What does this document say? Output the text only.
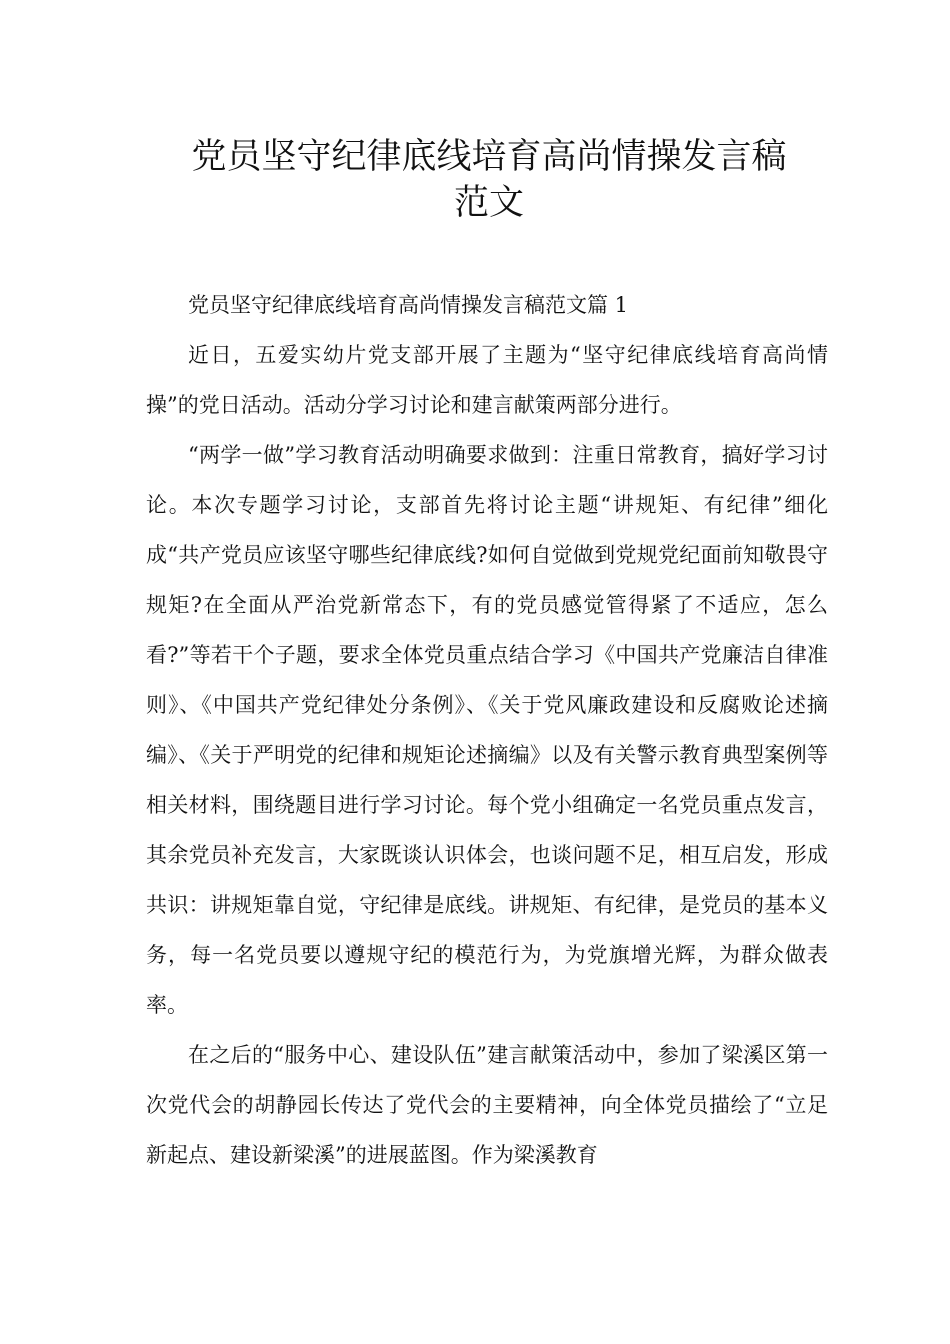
党员坚守纪律底线培育高尚情操发言稿
范文

党员坚守纪律底线培育高尚情操发言稿范文篇 1

近日，五爱实幼片党支部开展了主题为“坚守纪律底线培育高尚情操”的党日活动。活动分学习讨论和建言献策两部分进行。

“两学一做”学习教育活动明确要求做到：注重日常教育，搞好学习讨论。本次专题学习讨论，支部首先将讨论主题“讲规矩、有纪律”细化成“共产党员应该坚守哪些纪律底线?如何自觉做到党规党纪面前知敬畏守规矩?在全面从严治党新常态下，有的党员感觉管得紧了不适应，怎么看?”等若干个子题，要求全体党员重点结合学习《中国共产党廉洁自律准则》、《中国共产党纪律处分条例》、《关于党风廉政建设和反腐败论述摘编》、《关于严明党的纪律和规矩论述摘编》以及有关警示教育典型案例等相关材料，围绕题目进行学习讨论。每个党小组确定一名党员重点发言，其余党员补充发言，大家既谈认识体会，也谈问题不足，相互启发，形成共识：讲规矩靠自觉，守纪律是底线。讲规矩、有纪律，是党员的基本义务，每一名党员要以遵规守纪的模范行为，为党旗增光辉，为群众做表率。

在之后的“服务中心、建设队伍”建言献策活动中，参加了梁溪区第一次党代会的胡静园长传达了党代会的主要精神，向全体党员描绘了“立足新起点、建设新梁溪”的进展蓝图。作为梁溪教育
